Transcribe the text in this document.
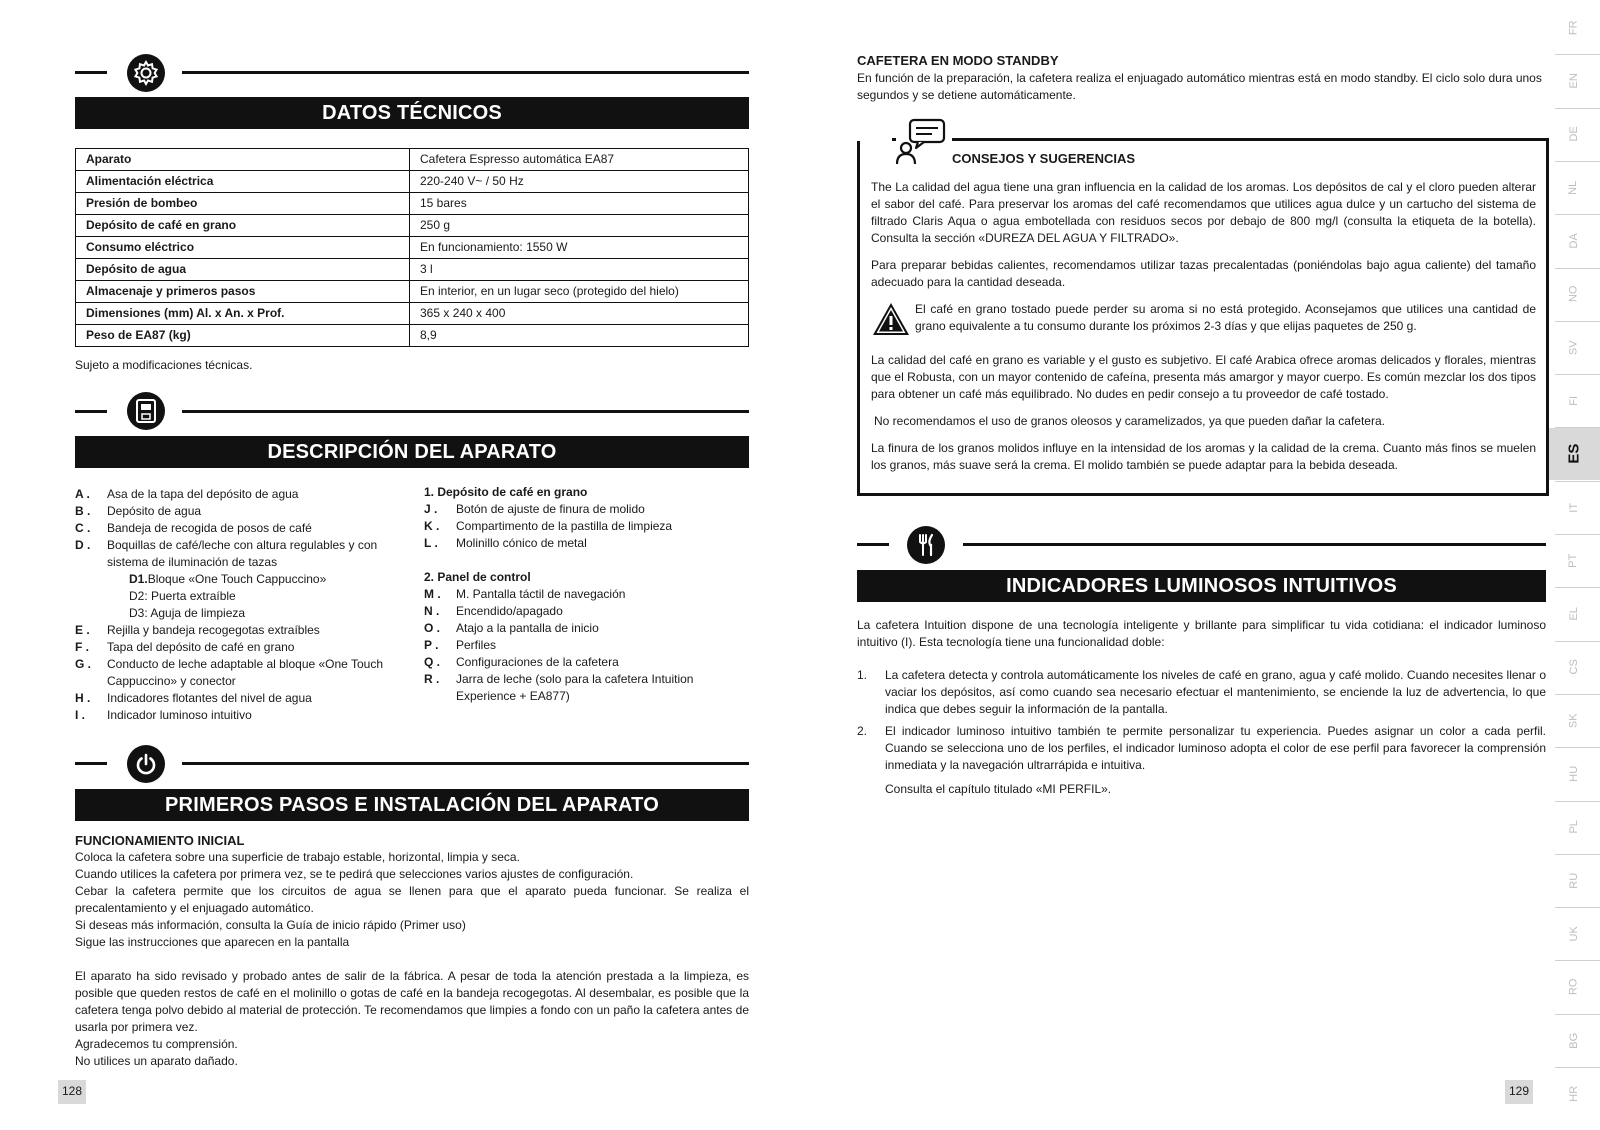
DATOS TÉCNICOS
Aparato	Cafetera Espresso automática EA87
Alimentación eléctrica	220-240 V~ / 50 Hz
Presión de bombeo	15 bares
Depósito de café en grano	250 g
Consumo eléctrico	En funcionamiento: 1550 W
Depósito de agua	3 l
Almacenaje y primeros pasos	En interior, en un lugar seco (protegido del hielo)
Dimensiones (mm) Al. x An. x Prof.	365 x 240 x 400
Peso de EA87 (kg)	8,9
Sujeto a modificaciones técnicas.
DESCRIPCIÓN DEL APARATO
A .	Asa de la tapa del depósito de agua
B .	Depósito de agua
C .	Bandeja de recogida de posos de café
D .	Boquillas de café/leche con altura regulables y con
sistema de iluminación de tazas
D1. Bloque «One Touch Cappuccino»
D2: Puerta extraíble
D3: Aguja de limpieza
E .	Rejilla y bandeja recogegotas extraíbles
F .	Tapa del depósito de café en grano
G .	Conducto de leche adaptable al bloque «One Touch
Cappuccino» y conector
H .	Indicadores flotantes del nivel de agua
I .	Indicador luminoso intuitivo
1. Depósito de café en grano
J .	Botón de ajuste de finura de molido
K .	Compartimento de la pastilla de limpieza
L .	Molinillo cónico de metal
2. Panel de control
M .	M. Pantalla táctil de navegación
N .	Encendido/apagado
O .	Atajo a la pantalla de inicio
P .	Perfiles
Q .	Configuraciones de la cafetera
R .	Jarra de leche (solo para la cafetera Intuition
Experience + EA877)
PRIMEROS PASOS E INSTALACIÓN DEL APARATO
FUNCIONAMIENTO INICIAL
Coloca la cafetera sobre una superficie de trabajo estable, horizontal, limpia y seca.
Cuando utilices la cafetera por primera vez, se te pedirá que selecciones varios ajustes de configuración.
Cebar la cafetera permite que los circuitos de agua se llenen para que el aparato pueda funcionar. Se realiza el precalentamiento y el enjuagado automático.
Si deseas más información, consulta la Guía de inicio rápido (Primer uso)
Sigue las instrucciones que aparecen en la pantalla
El aparato ha sido revisado y probado antes de salir de la fábrica. A pesar de toda la atención prestada a la limpieza, es posible que queden restos de café en el molinillo o gotas de café en la bandeja recogegotas. Al desembalar, es posible que la cafetera tenga polvo debido al material de protección. Te recomendamos que limpies a fondo con un paño la cafetera antes de usarla por primera vez.
Agradecemos tu comprensión.
No utilices un aparato dañado.
128
CAFETERA EN MODO STANDBY
En función de la preparación, la cafetera realiza el enjuagado automático mientras está en modo standby. El ciclo solo dura unos segundos y se detiene automáticamente.
CONSEJOS Y SUGERENCIAS
The La calidad del agua tiene una gran influencia en la calidad de los aromas. Los depósitos de cal y el cloro pueden alterar el sabor del café. Para preservar los aromas del café recomendamos que utilices agua dulce y un cartucho del sistema de filtrado Claris Aqua o agua embotellada con residuos secos por debajo de 800 mg/l (consulta la etiqueta de la botella). Consulta la sección «DUREZA DEL AGUA Y FILTRADO».
Para preparar bebidas calientes, recomendamos utilizar tazas precalentadas (poniéndolas bajo agua caliente) del tamaño adecuado para la cantidad deseada.
El café en grano tostado puede perder su aroma si no está protegido. Aconsejamos que utilices una cantidad de grano equivalente a tu consumo durante los próximos 2-3 días y que elijas paquetes de 250 g.
La calidad del café en grano es variable y el gusto es subjetivo. El café Arabica ofrece aromas delicados y florales, mientras que el Robusta, con un mayor contenido de cafeína, presenta más amargor y mayor cuerpo. Es común mezclar los dos tipos para obtener un café más equilibrado. No dudes en pedir consejo a tu proveedor de café tostado.
No recomendamos el uso de granos oleosos y caramelizados, ya que pueden dañar la cafetera.
La finura de los granos molidos influye en la intensidad de los aromas y la calidad de la crema. Cuanto más finos se muelen los granos, más suave será la crema. El molido también se puede adaptar para la bebida deseada.
INDICADORES LUMINOSOS INTUITIVOS
La cafetera Intuition dispone de una tecnología inteligente y brillante para simplificar tu vida cotidiana: el indicador luminoso intuitivo (I). Esta tecnología tiene una funcionalidad doble:
1.	La cafetera detecta y controla automáticamente los niveles de café en grano, agua y café molido. Cuando necesites llenar o vaciar los depósitos, así como cuando sea necesario efectuar el mantenimiento, se enciende la luz de advertencia, lo que indica que debes seguir la información de la pantalla.
2.	El indicador luminoso intuitivo también te permite personalizar tu experiencia. Puedes asignar un color a cada perfil. Cuando se selecciona uno de los perfiles, el indicador luminoso adopta el color de ese perfil para favorecer la comprensión inmediata y la navegación ultrarrápida e intuitiva.
Consulta el capítulo titulado «MI PERFIL».
129
FR
EN
DE
NL
DA
NO
SV
FI
ES
IT
PT
EL
CS
SK
HU
PL
RU
UK
RO
BG
HR
